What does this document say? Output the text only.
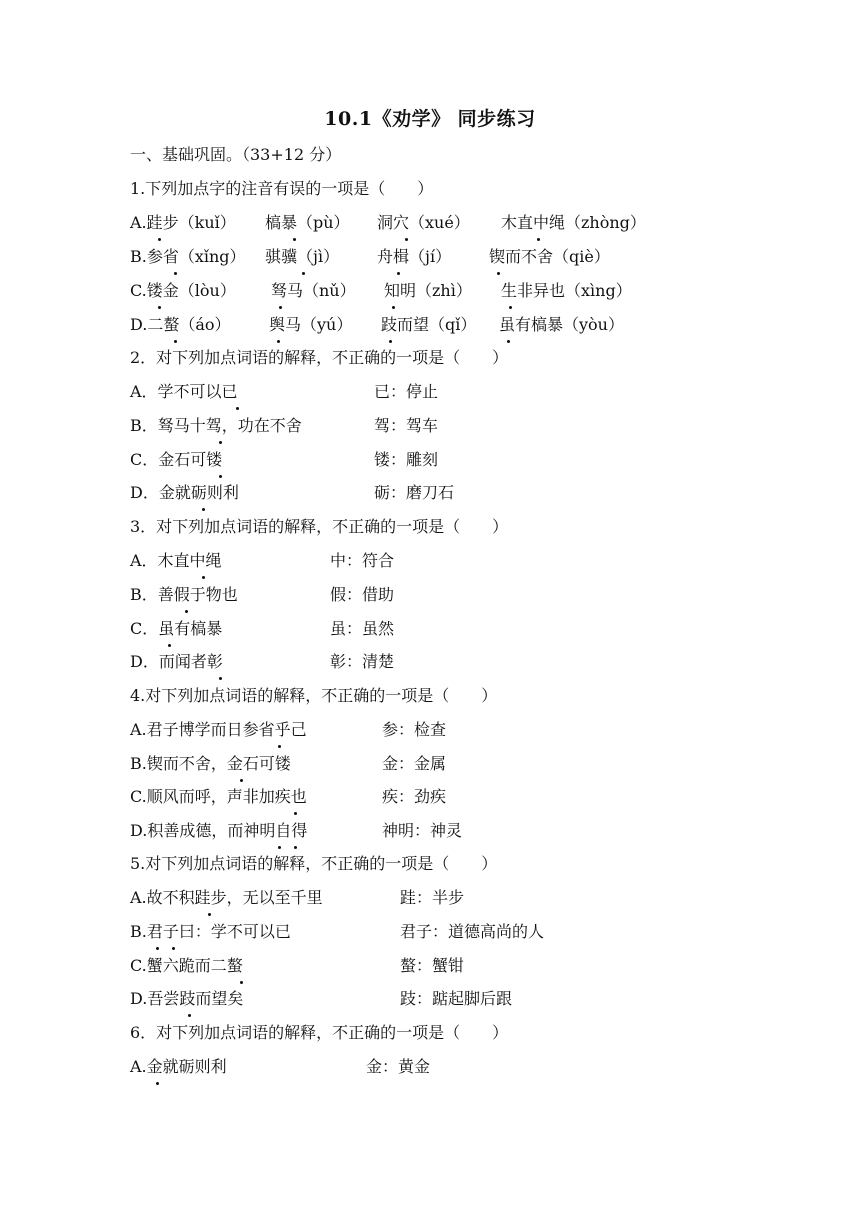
10.1《劝学》 同步练习
一、基础巩固。（33+12 分）
1.下列加点字的注音有误的一项是（　　）
A.跬步（kuǐ） 槁暴（pù） 洞穴（xué） 木直中绳（zhòng）
B.参省（xǐng） 骐骥（jì） 舟楫（jí） 锲而不舍（qiè）
C.镂金（lòu） 驽马（nǔ） 知明（zhì） 生非异也（xìng）
D.二螯（áo） 舆马（yú） 跂而望（qǐ） 虽有槁暴（yòu）
2．对下列加点词语的解释，不正确的一项是（　　）
A．学不可以已	已：停止
B．驽马十驾，功在不舍	驾：驾车
C．金石可镂	镂：雕刻
D．金就砺则利	砺：磨刀石
3．对下列加点词语的解释，不正确的一项是（　　）
A．木直中绳	中：符合
B．善假于物也	假：借助
C．虽有槁暴	虽：虽然
D．而闻者彰	彰：清楚
4.对下列加点词语的解释，不正确的一项是（　　）
A.君子博学而日参省乎己	参：检查
B.锲而不舍，金石可镂	金：金属
C.顺风而呼，声非加疾也	疾：劲疾
D.积善成德，而神明自得	神明：神灵
5.对下列加点词语的解释，不正确的一项是（　　）
A.故不积跬步，无以至千里	跬：半步
B.君子曰：学不可以已	君子：道德高尚的人
C.蟹六跪而二螯	螯：蟹钳
D.吾尝跂而望矣	跂：踮起脚后跟
6．对下列加点词语的解释，不正确的一项是（　　）
A.金就砺则利	金：黄金
